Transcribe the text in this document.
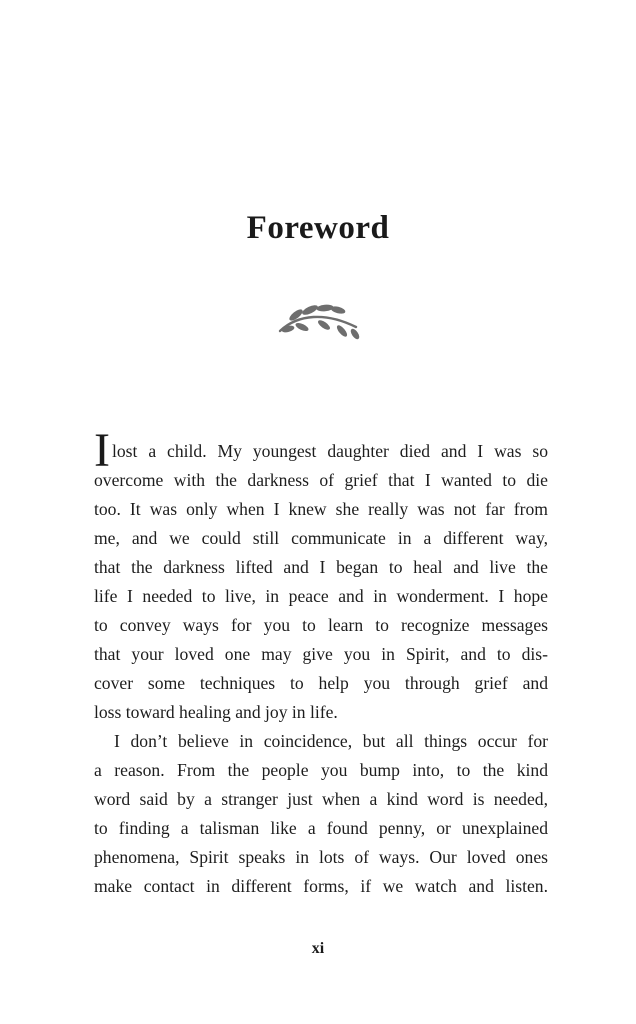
Foreword
I lost a child. My youngest daughter died and I was so
overcome with the darkness of grief that I wanted to die
too. It was only when I knew she really was not far from
me, and we could still communicate in a different way,
that the darkness lifted and I began to heal and live the
life I needed to live, in peace and in wonderment. I hope
to convey ways for you to learn to recognize messages
that your loved one may give you in Spirit, and to dis-
cover some techniques to help you through grief and
loss toward healing and joy in life.
I don’t believe in coincidence, but all things occur for
a reason. From the people you bump into, to the kind
word said by a stranger just when a kind word is needed,
to finding a talisman like a found penny, or unexplained
phenomena, Spirit speaks in lots of ways. Our loved ones
make contact in different forms, if we watch and listen.
xi
